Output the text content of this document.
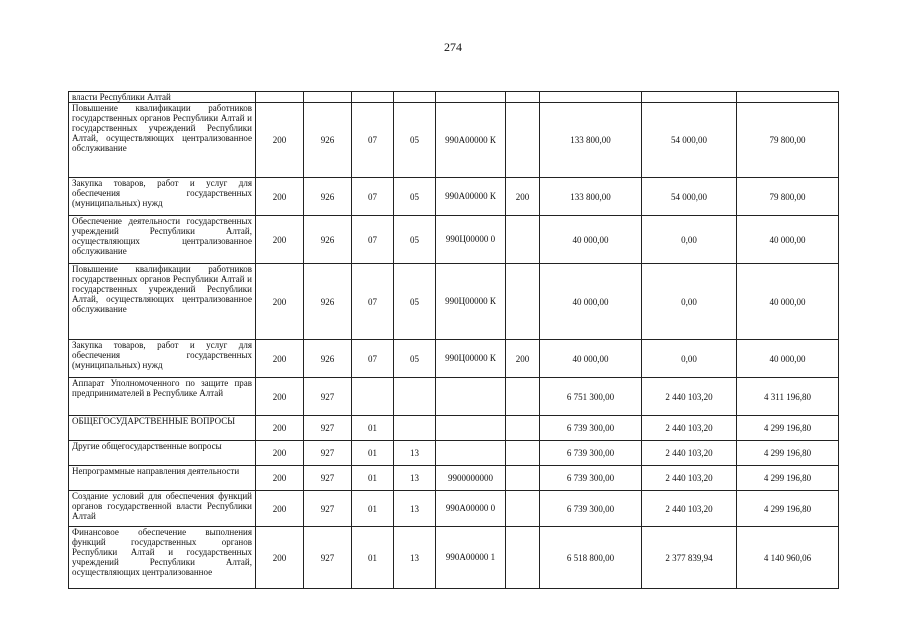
274
власти Республики Алтай									
Повышение квалификации работников государственных органов Республики Алтай и государственных учреждений Республики Алтай, осуществляющих централизованное обслуживание	200	926	07	05	990А00000 К		133 800,00	54 000,00	79 800,00
Закупка товаров, работ и услуг для обеспечения государственных (муниципальных) нужд	200	926	07	05	990А00000 К	200	133 800,00	54 000,00	79 800,00
Обеспечение деятельности государственных учреждений Республики Алтай, осуществляющих централизованное обслуживание	200	926	07	05	990Ц00000 0		40 000,00	0,00	40 000,00
Повышение квалификации работников государственных органов Республики Алтай и государственных учреждений Республики Алтай, осуществляющих централизованное обслуживание	200	926	07	05	990Ц00000 К		40 000,00	0,00	40 000,00
Закупка товаров, работ и услуг для обеспечения государственных (муниципальных) нужд	200	926	07	05	990Ц00000 К	200	40 000,00	0,00	40 000,00
Аппарат Уполномоченного по защите прав предпринимателей в Республике Алтай	200	927					6 751 300,00	2 440 103,20	4 311 196,80
ОБЩЕГОСУДАРСТВЕННЫЕ ВОПРОСЫ	200	927	01				6 739 300,00	2 440 103,20	4 299 196,80
Другие общегосударственные вопросы	200	927	01	13			6 739 300,00	2 440 103,20	4 299 196,80
Непрограммные направления деятельности	200	927	01	13	9900000000		6 739 300,00	2 440 103,20	4 299 196,80
Создание условий для обеспечения функций органов государственной власти Республики Алтай	200	927	01	13	990А00000 0		6 739 300,00	2 440 103,20	4 299 196,80
Финансовое обеспечение выполнения функций государственных органов Республики Алтай и государственных учреждений Республики Алтай, осуществляющих централизованное	200	927	01	13	990А00000 1		6 518 800,00	2 377 839,94	4 140 960,06
